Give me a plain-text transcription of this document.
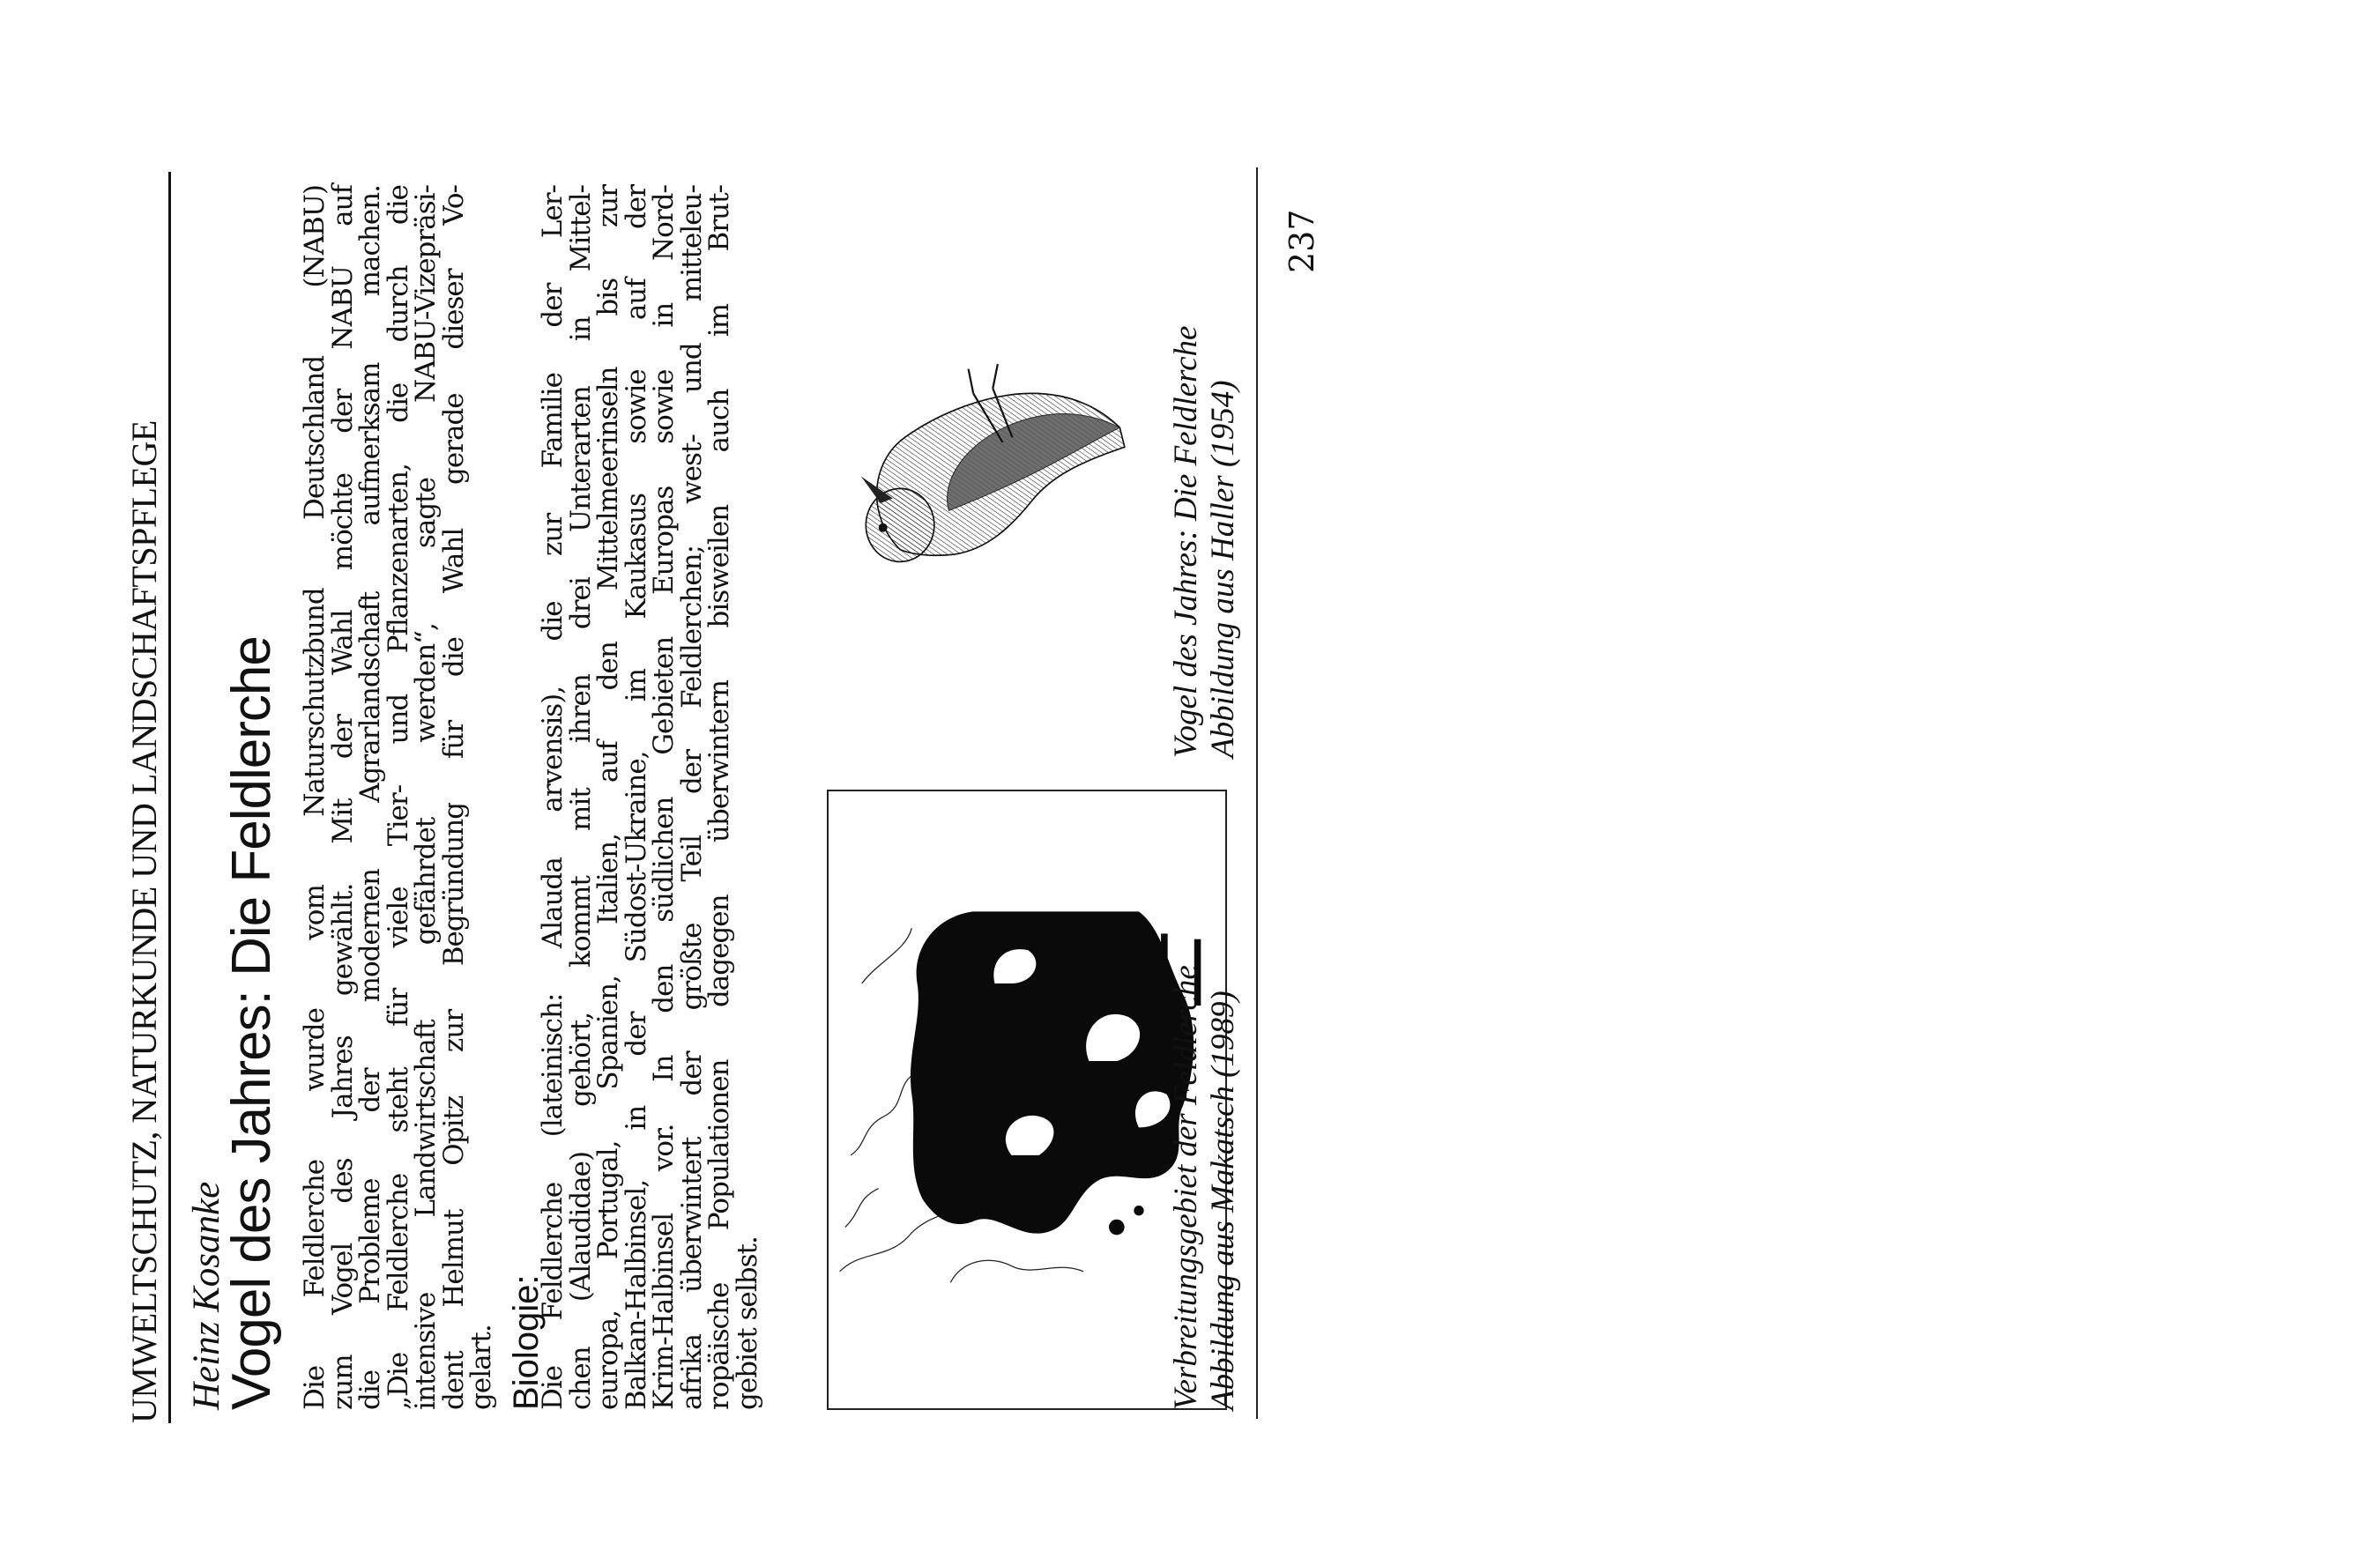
UMWELTSCHUTZ, NATURKUNDE UND LANDSCHAFTSPFLEGE Heinz Kosanke
Vogel des Jahres: Die Feldlerche Die Feldlerche wurde vom Naturschutzbund Deutschland (NABU)
zum Vogel des Jahres gewählt. Mit der Wahl möchte der NABU auf
die Probleme der modernen Agrarlandschaft aufmerksam machen.
„Die Feldlerche steht für viele Tier- und Pflanzenarten, die durch die
intensive Landwirtschaft gefährdet werden“, sagte NABU-Vizepräsi-
dent Helmut Opitz zur Begründung für die Wahl gerade dieser Vo-
gelart. Biologie:
Die Feldlerche (lateinisch: Alauda arvensis), die zur Familie der Ler-
chen (Alaudidae) gehört, kommt mit ihren drei Unterarten in Mittel-
europa, Portugal, Spanien, Italien, auf den Mittelmeerinseln bis zur
Balkan-Halbinsel, in der Südost-Ukraine, im Kaukasus sowie auf der
Krim-Halbinsel vor. In den südlichen Gebieten Europas sowie in Nord-
afrika überwintert der größte Teil der Feldlerchen; west- und mitteleu-
ropäische Populationen dagegen überwintern bisweilen auch im Brut-
gebiet selbst.	Verbreitungsgebiet der Feldlerche Abbildung aus Makatsch (1989)
Vogel des Jahres: Die Feldlerche Abbildung aus Haller (1954)
237
